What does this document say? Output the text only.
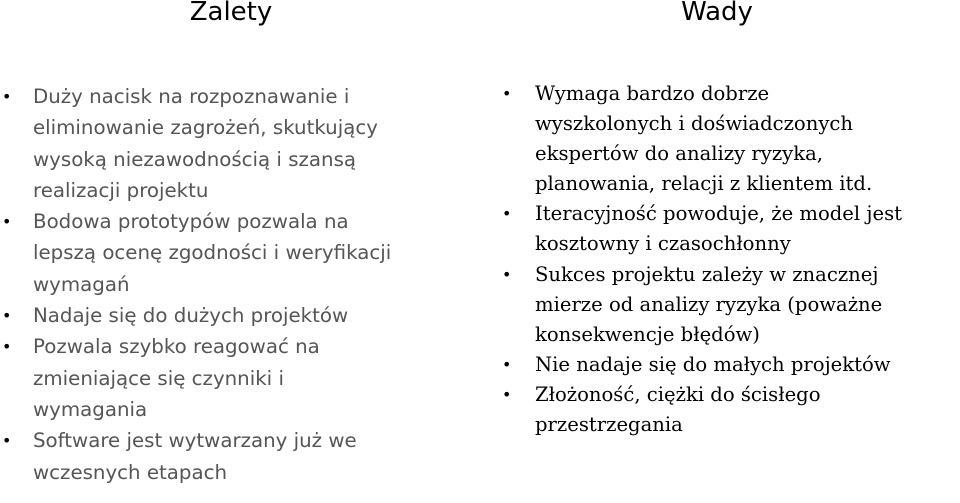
Zalety
• Duży nacisk na rozpoznawanie i
eliminowanie zagrożeń, skutkujący
wysoką niezawodnością i szansą
realizacji projektu
• Bodowa prototypów pozwala na
lepszą ocenę zgodności i weryfikacji
wymagań
• Nadaje się do dużych projektów
• Pozwala szybko reagować na
zmieniające się czynniki i
wymagania
• Software jest wytwarzany już we
wczesnych etapach
Wady
• Wymaga bardzo dobrze
wyszkolonych i doświadczonych
ekspertów do analizy ryzyka,
planowania, relacji z klientem itd.
• Iteracyjność powoduje, że model jest
kosztowny i czasochłonny
• Sukces projektu zależy w znacznej
mierze od analizy ryzyka (poważne
konsekwencje błędów)
• Nie nadaje się do małych projektów
• Złożoność, ciężki do ścisłego
przestrzegania
